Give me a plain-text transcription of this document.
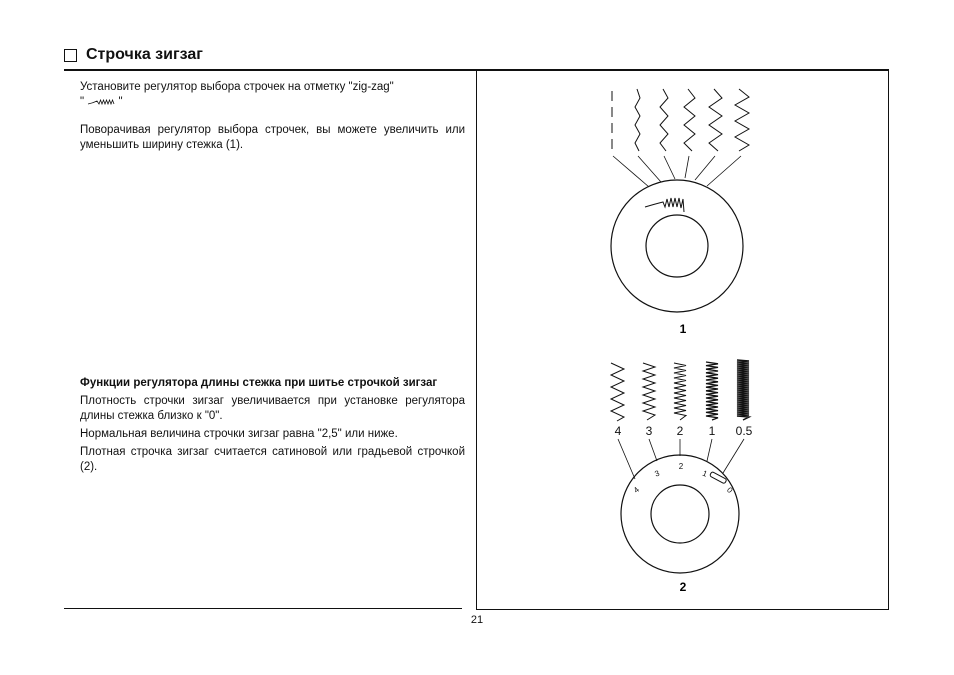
Строчка зигзаг

Установите регулятор выбора строчек на отметку "zig-zag"

"	"

Поворачивая регулятор выбора строчек, вы можете увеличить или уменьшить ширину стежка (1).

Функции регулятора длины стежка при шитье строчкой зигзаг

Плотность строчки зигзаг увеличивается при установке регулятора длины стежка близко к "0".

Нормальная величина строчки зигзаг равна "2,5" или ниже.

Плотная строчка зигзаг считается сатиновой или градьевой строчкой (2).

1
4 3 2 1 0.5
4
3
2
1
0
2
21
